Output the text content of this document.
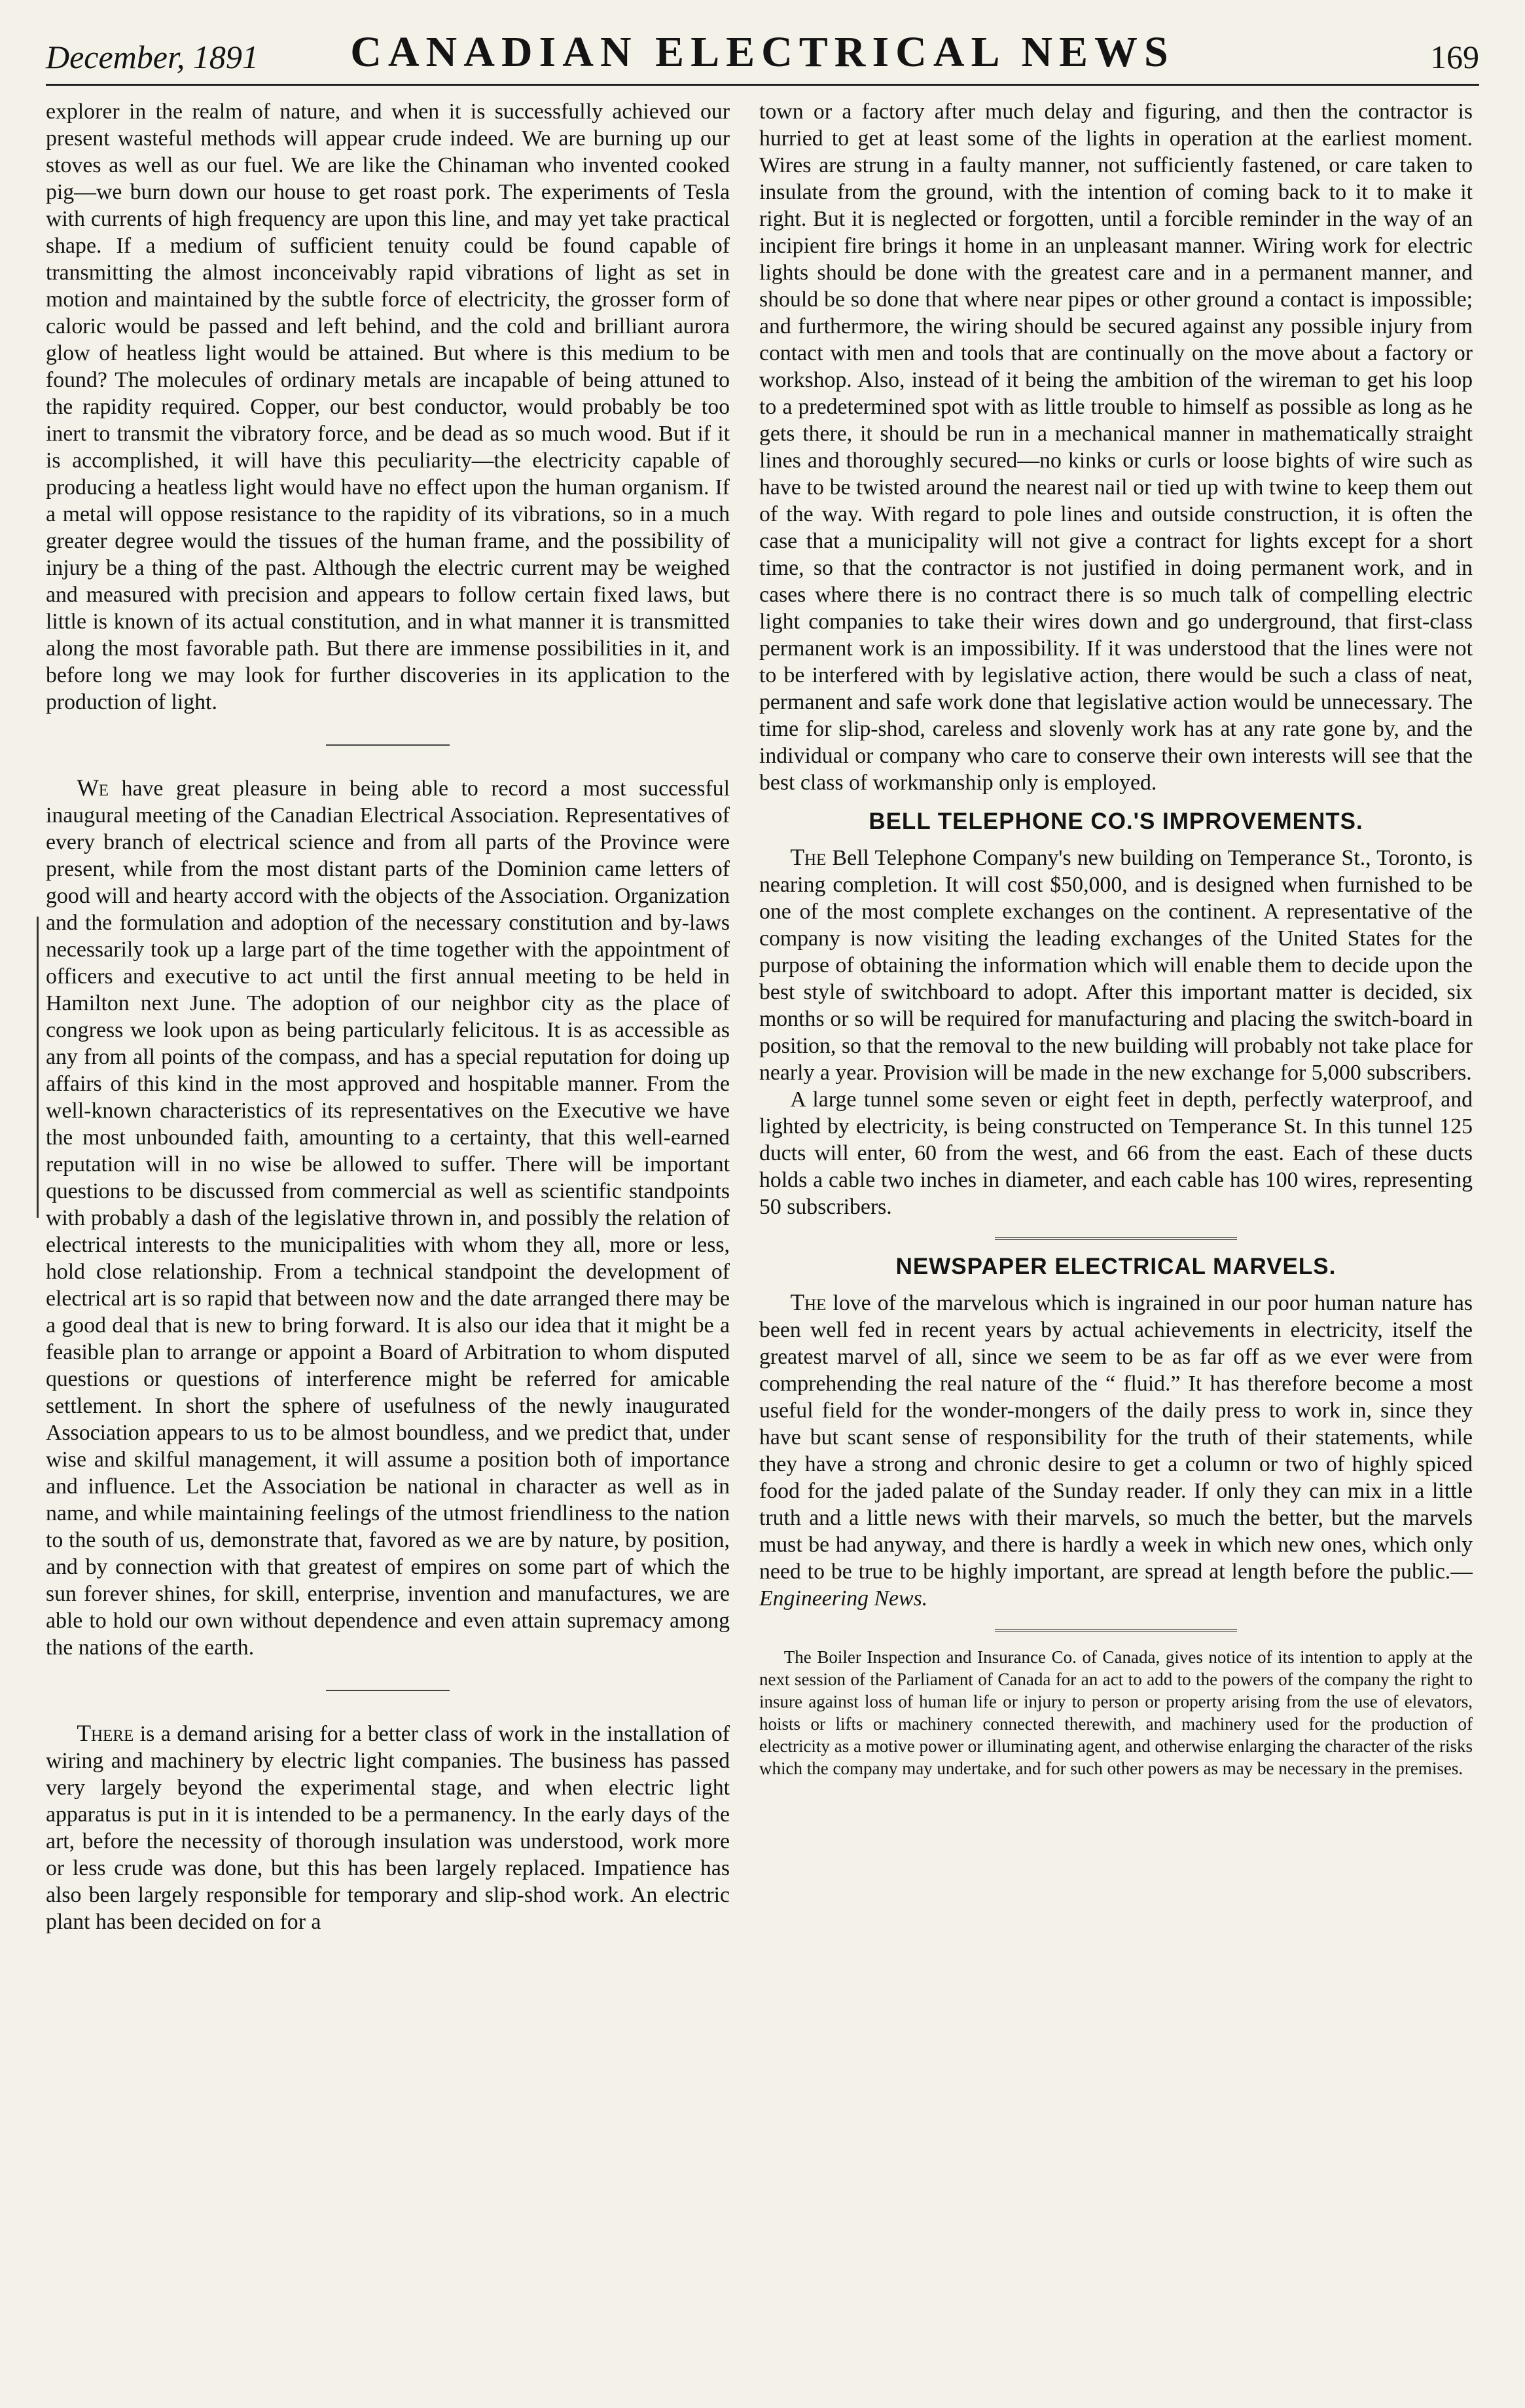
December, 1891	CANADIAN ELECTRICAL NEWS	169

explorer in the realm of nature, and when it is successfully achieved our present wasteful methods will appear crude indeed. We are burning up our stoves as well as our fuel. We are like the Chinaman who invented cooked pig—we burn down our house to get roast pork. The experiments of Tesla with currents of high frequency are upon this line, and may yet take practical shape. If a medium of sufficient tenuity could be found capable of transmitting the almost inconceivably rapid vibrations of light as set in motion and maintained by the subtle force of electricity, the grosser form of caloric would be passed and left behind, and the cold and brilliant aurora glow of heatless light would be attained. But where is this medium to be found? The molecules of ordinary metals are incapable of being attuned to the rapidity required. Copper, our best conductor, would probably be too inert to transmit the vibratory force, and be dead as so much wood. But if it is accomplished, it will have this peculiarity—the electricity capable of producing a heatless light would have no effect upon the human organism. If a metal will oppose resistance to the rapidity of its vibrations, so in a much greater degree would the tissues of the human frame, and the possibility of injury be a thing of the past. Although the electric current may be weighed and measured with precision and appears to follow certain fixed laws, but little is known of its actual constitution, and in what manner it is transmitted along the most favorable path. But there are immense possibilities in it, and before long we may look for further discoveries in its application to the production of light.

We have great pleasure in being able to record a most successful inaugural meeting of the Canadian Electrical Association. Representatives of every branch of electrical science and from all parts of the Province were present, while from the most distant parts of the Dominion came letters of good will and hearty accord with the objects of the Association. Organization and the formulation and adoption of the necessary constitution and by-laws necessarily took up a large part of the time together with the appointment of officers and executive to act until the first annual meeting to be held in Hamilton next June. The adoption of our neighbor city as the place of congress we look upon as being particularly felicitous. It is as accessible as any from all points of the compass, and has a special reputation for doing up affairs of this kind in the most approved and hospitable manner. From the well-known characteristics of its representatives on the Executive we have the most unbounded faith, amounting to a certainty, that this well-earned reputation will in no wise be allowed to suffer. There will be important questions to be discussed from commercial as well as scientific standpoints with probably a dash of the legislative thrown in, and possibly the relation of electrical interests to the municipalities with whom they all, more or less, hold close relationship. From a technical standpoint the development of electrical art is so rapid that between now and the date arranged there may be a good deal that is new to bring forward. It is also our idea that it might be a feasible plan to arrange or appoint a Board of Arbitration to whom disputed questions or questions of interference might be referred for amicable settlement. In short the sphere of usefulness of the newly inaugurated Association appears to us to be almost boundless, and we predict that, under wise and skilful management, it will assume a position both of importance and influence. Let the Association be national in character as well as in name, and while maintaining feelings of the utmost friendliness to the nation to the south of us, demonstrate that, favored as we are by nature, by position, and by connection with that greatest of empires on some part of which the sun forever shines, for skill, enterprise, invention and manufactures, we are able to hold our own without dependence and even attain supremacy among the nations of the earth.

There is a demand arising for a better class of work in the installation of wiring and machinery by electric light companies. The business has passed very largely beyond the experimental stage, and when electric light apparatus is put in it is intended to be a permanency. In the early days of the art, before the necessity of thorough insulation was understood, work more or less crude was done, but this has been largely replaced. Impatience has also been largely responsible for temporary and slip-shod work. An electric plant has been decided on for a

town or a factory after much delay and figuring, and then the contractor is hurried to get at least some of the lights in operation at the earliest moment. Wires are strung in a faulty manner, not sufficiently fastened, or care taken to insulate from the ground, with the intention of coming back to it to make it right. But it is neglected or forgotten, until a forcible reminder in the way of an incipient fire brings it home in an unpleasant manner. Wiring work for electric lights should be done with the greatest care and in a permanent manner, and should be so done that where near pipes or other ground a contact is impossible; and furthermore, the wiring should be secured against any possible injury from contact with men and tools that are continually on the move about a factory or workshop. Also, instead of it being the ambition of the wireman to get his loop to a predetermined spot with as little trouble to himself as possible as long as he gets there, it should be run in a mechanical manner in mathematically straight lines and thoroughly secured—no kinks or curls or loose bights of wire such as have to be twisted around the nearest nail or tied up with twine to keep them out of the way. With regard to pole lines and outside construction, it is often the case that a municipality will not give a contract for lights except for a short time, so that the contractor is not justified in doing permanent work, and in cases where there is no contract there is so much talk of compelling electric light companies to take their wires down and go underground, that first-class permanent work is an impossibility. If it was understood that the lines were not to be interfered with by legislative action, there would be such a class of neat, permanent and safe work done that legislative action would be unnecessary. The time for slip-shod, careless and slovenly work has at any rate gone by, and the individual or company who care to conserve their own interests will see that the best class of workmanship only is employed.

BELL TELEPHONE CO.'S IMPROVEMENTS.

The Bell Telephone Company's new building on Temperance St., Toronto, is nearing completion. It will cost $50,000, and is designed when furnished to be one of the most complete exchanges on the continent. A representative of the company is now visiting the leading exchanges of the United States for the purpose of obtaining the information which will enable them to decide upon the best style of switchboard to adopt. After this important matter is decided, six months or so will be required for manufacturing and placing the switch-board in position, so that the removal to the new building will probably not take place for nearly a year. Provision will be made in the new exchange for 5,000 subscribers.

A large tunnel some seven or eight feet in depth, perfectly waterproof, and lighted by electricity, is being constructed on Temperance St. In this tunnel 125 ducts will enter, 60 from the west, and 66 from the east. Each of these ducts holds a cable two inches in diameter, and each cable has 100 wires, representing 50 subscribers.

NEWSPAPER ELECTRICAL MARVELS.

The love of the marvelous which is ingrained in our poor human nature has been well fed in recent years by actual achievements in electricity, itself the greatest marvel of all, since we seem to be as far off as we ever were from comprehending the real nature of the “ fluid.” It has therefore become a most useful field for the wonder-mongers of the daily press to work in, since they have but scant sense of responsibility for the truth of their statements, while they have a strong and chronic desire to get a column or two of highly spiced food for the jaded palate of the Sunday reader. If only they can mix in a little truth and a little news with their marvels, so much the better, but the marvels must be had anyway, and there is hardly a week in which new ones, which only need to be true to be highly important, are spread at length before the public.—Engineering News.

The Boiler Inspection and Insurance Co. of Canada, gives notice of its intention to apply at the next session of the Parliament of Canada for an act to add to the powers of the company the right to insure against loss of human life or injury to person or property arising from the use of elevators, hoists or lifts or machinery connected therewith, and machinery used for the production of electricity as a motive power or illuminating agent, and otherwise enlarging the character of the risks which the company may undertake, and for such other powers as may be necessary in the premises.
